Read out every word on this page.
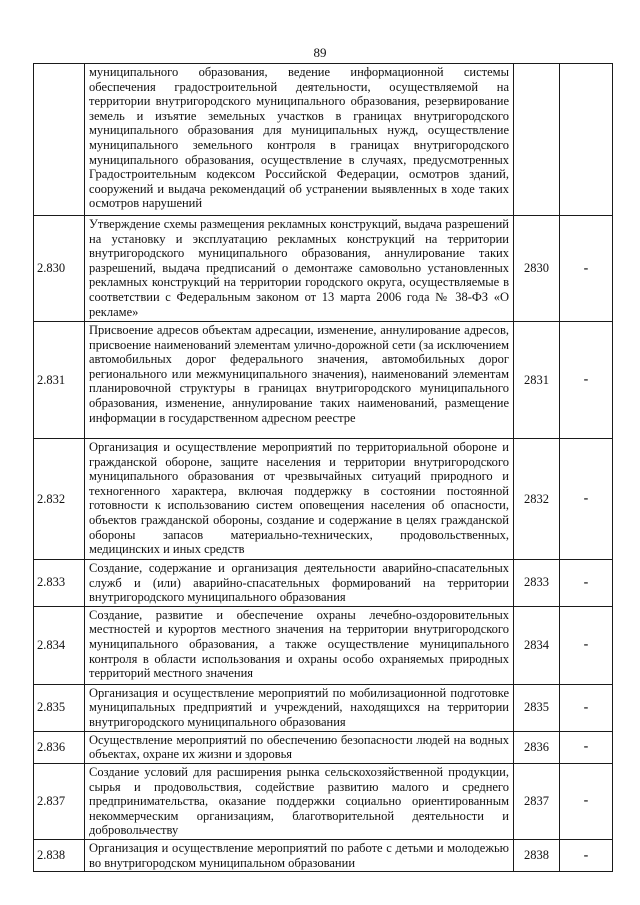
89
	муниципального образования, ведение информационной системы обеспечения градостроительной деятельности, осуществляемой на территории внутригородского муниципального образования, резервирование земель и изъятие земельных участков в границах внутригородского муниципального образования для муниципальных нужд, осуществление муниципального земельного контроля в границах внутригородского муниципального образования, осуществление в случаях, предусмотренных Градостроительным кодексом Российской Федерации, осмотров зданий, сооружений и выдача рекомендаций об устранении выявленных в ходе таких осмотров нарушений		
2.830	Утверждение схемы размещения рекламных конструкций, выдача разрешений на установку и эксплуатацию рекламных конструкций на территории внутригородского муниципального образования, аннулирование таких разрешений, выдача предписаний о демонтаже самовольно установленных рекламных конструкций на территории городского округа, осуществляемые в соответствии с Федеральным законом от 13 марта 2006 года № 38-ФЗ «О рекламе»	2830	-
2.831	Присвоение адресов объектам адресации, изменение, аннулирование адресов, присвоение наименований элементам улично-дорожной сети (за исключением автомобильных дорог федерального значения, автомобильных дорог регионального или межмуниципального значения), наименований элементам планировочной структуры в границах внутригородского муниципального образования, изменение, аннулирование таких наименований, размещение информации в государственном адресном реестре	2831	-
2.832	Организация и осуществление мероприятий по территориальной обороне и гражданской обороне, защите населения и территории внутригородского муниципального образования от чрезвычайных ситуаций природного и техногенного характера, включая поддержку в состоянии постоянной готовности к использованию систем оповещения населения об опасности, объектов гражданской обороны, создание и содержание в целях гражданской обороны запасов материально-технических, продовольственных, медицинских и иных средств	2832	-
2.833	Создание, содержание и организация деятельности аварийно-спасательных служб и (или) аварийно-спасательных формирований на территории внутригородского муниципального образования	2833	-
2.834	Создание, развитие и обеспечение охраны лечебно-оздоровительных местностей и курортов местного значения на территории внутригородского муниципального образования, а также осуществление муниципального контроля в области использования и охраны особо охраняемых природных территорий местного значения	2834	-
2.835	Организация и осуществление мероприятий по мобилизационной подготовке муниципальных предприятий и учреждений, находящихся на территории внутригородского муниципального образования	2835	-
2.836	Осуществление мероприятий по обеспечению безопасности людей на водных объектах, охране их жизни и здоровья	2836	-
2.837	Создание условий для расширения рынка сельскохозяйственной продукции, сырья и продовольствия, содействие развитию малого и среднего предпринимательства, оказание поддержки социально ориентированным некоммерческим организациям, благотворительной деятельности и добровольчеству	2837	-
2.838	Организация и осуществление мероприятий по работе с детьми и молодежью во внутригородском муниципальном образовании	2838	-
